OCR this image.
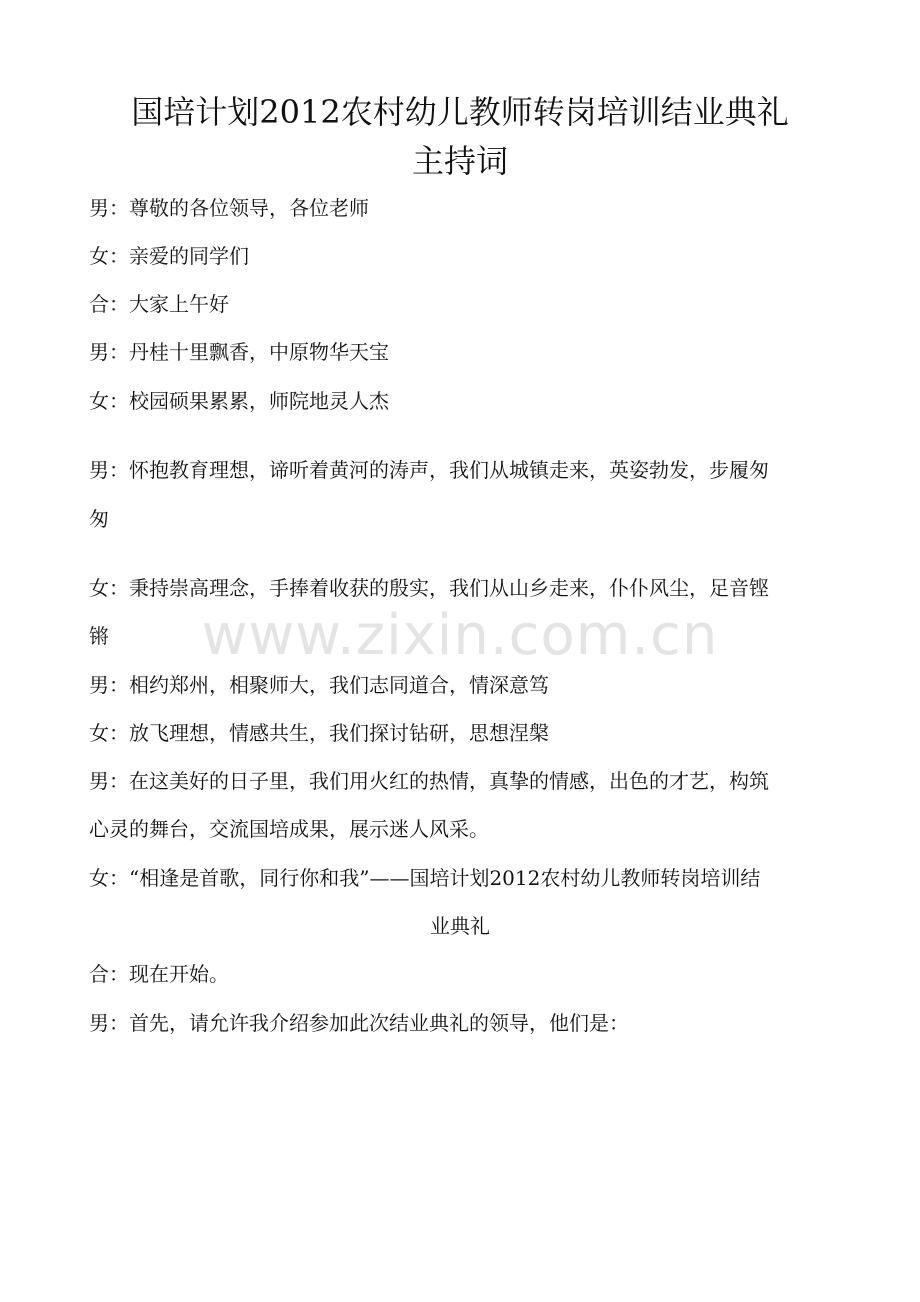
国培计划2012农村幼儿教师转岗培训结业典礼
主持词
男：尊敬的各位领导，各位老师
女：亲爱的同学们
合：大家上午好
男：丹桂十里飘香，中原物华天宝
女：校园硕果累累，师院地灵人杰
男：怀抱教育理想，谛听着黄河的涛声，我们从城镇走来，英姿勃发，步履匆
匆
www.zixin.com.cn
女：秉持崇高理念，手捧着收获的殷实，我们从山乡走来，仆仆风尘，足音铿
锵
男：相约郑州，相聚师大，我们志同道合，情深意笃
女：放飞理想，情感共生，我们探讨钻研，思想涅槃
男：在这美好的日子里，我们用火红的热情，真挚的情感，出色的才艺，构筑
心灵的舞台，交流国培成果，展示迷人风采。
女：“相逢是首歌，同行你和我”——国培计划2012农村幼儿教师转岗培训结
业典礼
合：现在开始。
男：首先，请允许我介绍参加此次结业典礼的领导，他们是：
